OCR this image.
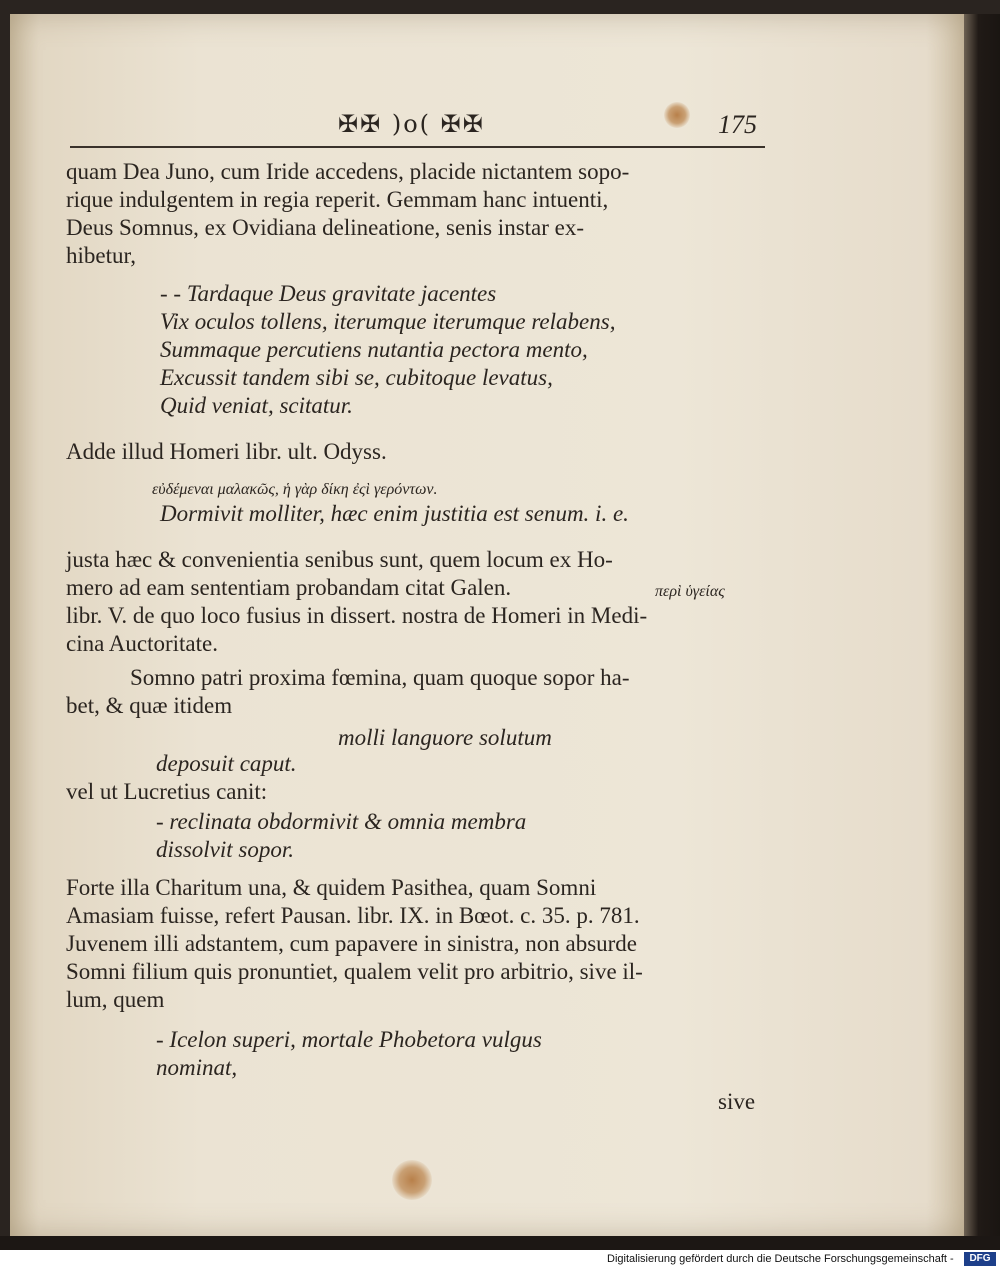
✠✠ )o( ✠✠	175
quam Dea Juno, cum Iride accedens, placide nictantem sopo-
rique indulgentem in regia reperit. Gemmam hanc intuenti,
Deus Somnus, ex Ovidiana delineatione, senis instar ex-
hibetur,
- - Tardaque Deus gravitate jacentes
Vix oculos tollens, iterumque iterumque relabens,
Summaque percutiens nutantia pectora mento,
Excussit tandem sibi se, cubitoque levatus,
Quid veniat, scitatur.
Adde illud Homeri libr. ult. Odyss.
εὐδέμεναι μαλακῶς, ἡ γὰρ δίκη ἐςὶ γερόντων.
Dormivit molliter, hæc enim justitia est senum. i. e.
justa hæc & convenientia senibus sunt, quem locum ex Ho-
mero ad eam sententiam probandam citat Galen.	περὶ ὑγείας
libr. V. de quo loco fusius in dissert. nostra de Homeri in Medi-
cina Auctoritate.
Somno patri proxima fœmina, quam quoque sopor ha-
bet, & quæ itidem
molli languore solutum
deposuit caput.
vel ut Lucretius canit:
- reclinata obdormivit & omnia membra
dissolvit sopor.
Forte illa Charitum una, & quidem Pasithea, quam Somni
Amasiam fuisse, refert Pausan. libr. IX. in Bœot. c. 35. p. 781.
Juvenem illi adstantem, cum papavere in sinistra, non absurde
Somni filium quis pronuntiet, qualem velit pro arbitrio, sive il-
lum, quem
- Icelon superi, mortale Phobetora vulgus
nominat,
sive
Digitalisierung gefördert durch die Deutsche Forschungsgemeinschaft -	DFG
